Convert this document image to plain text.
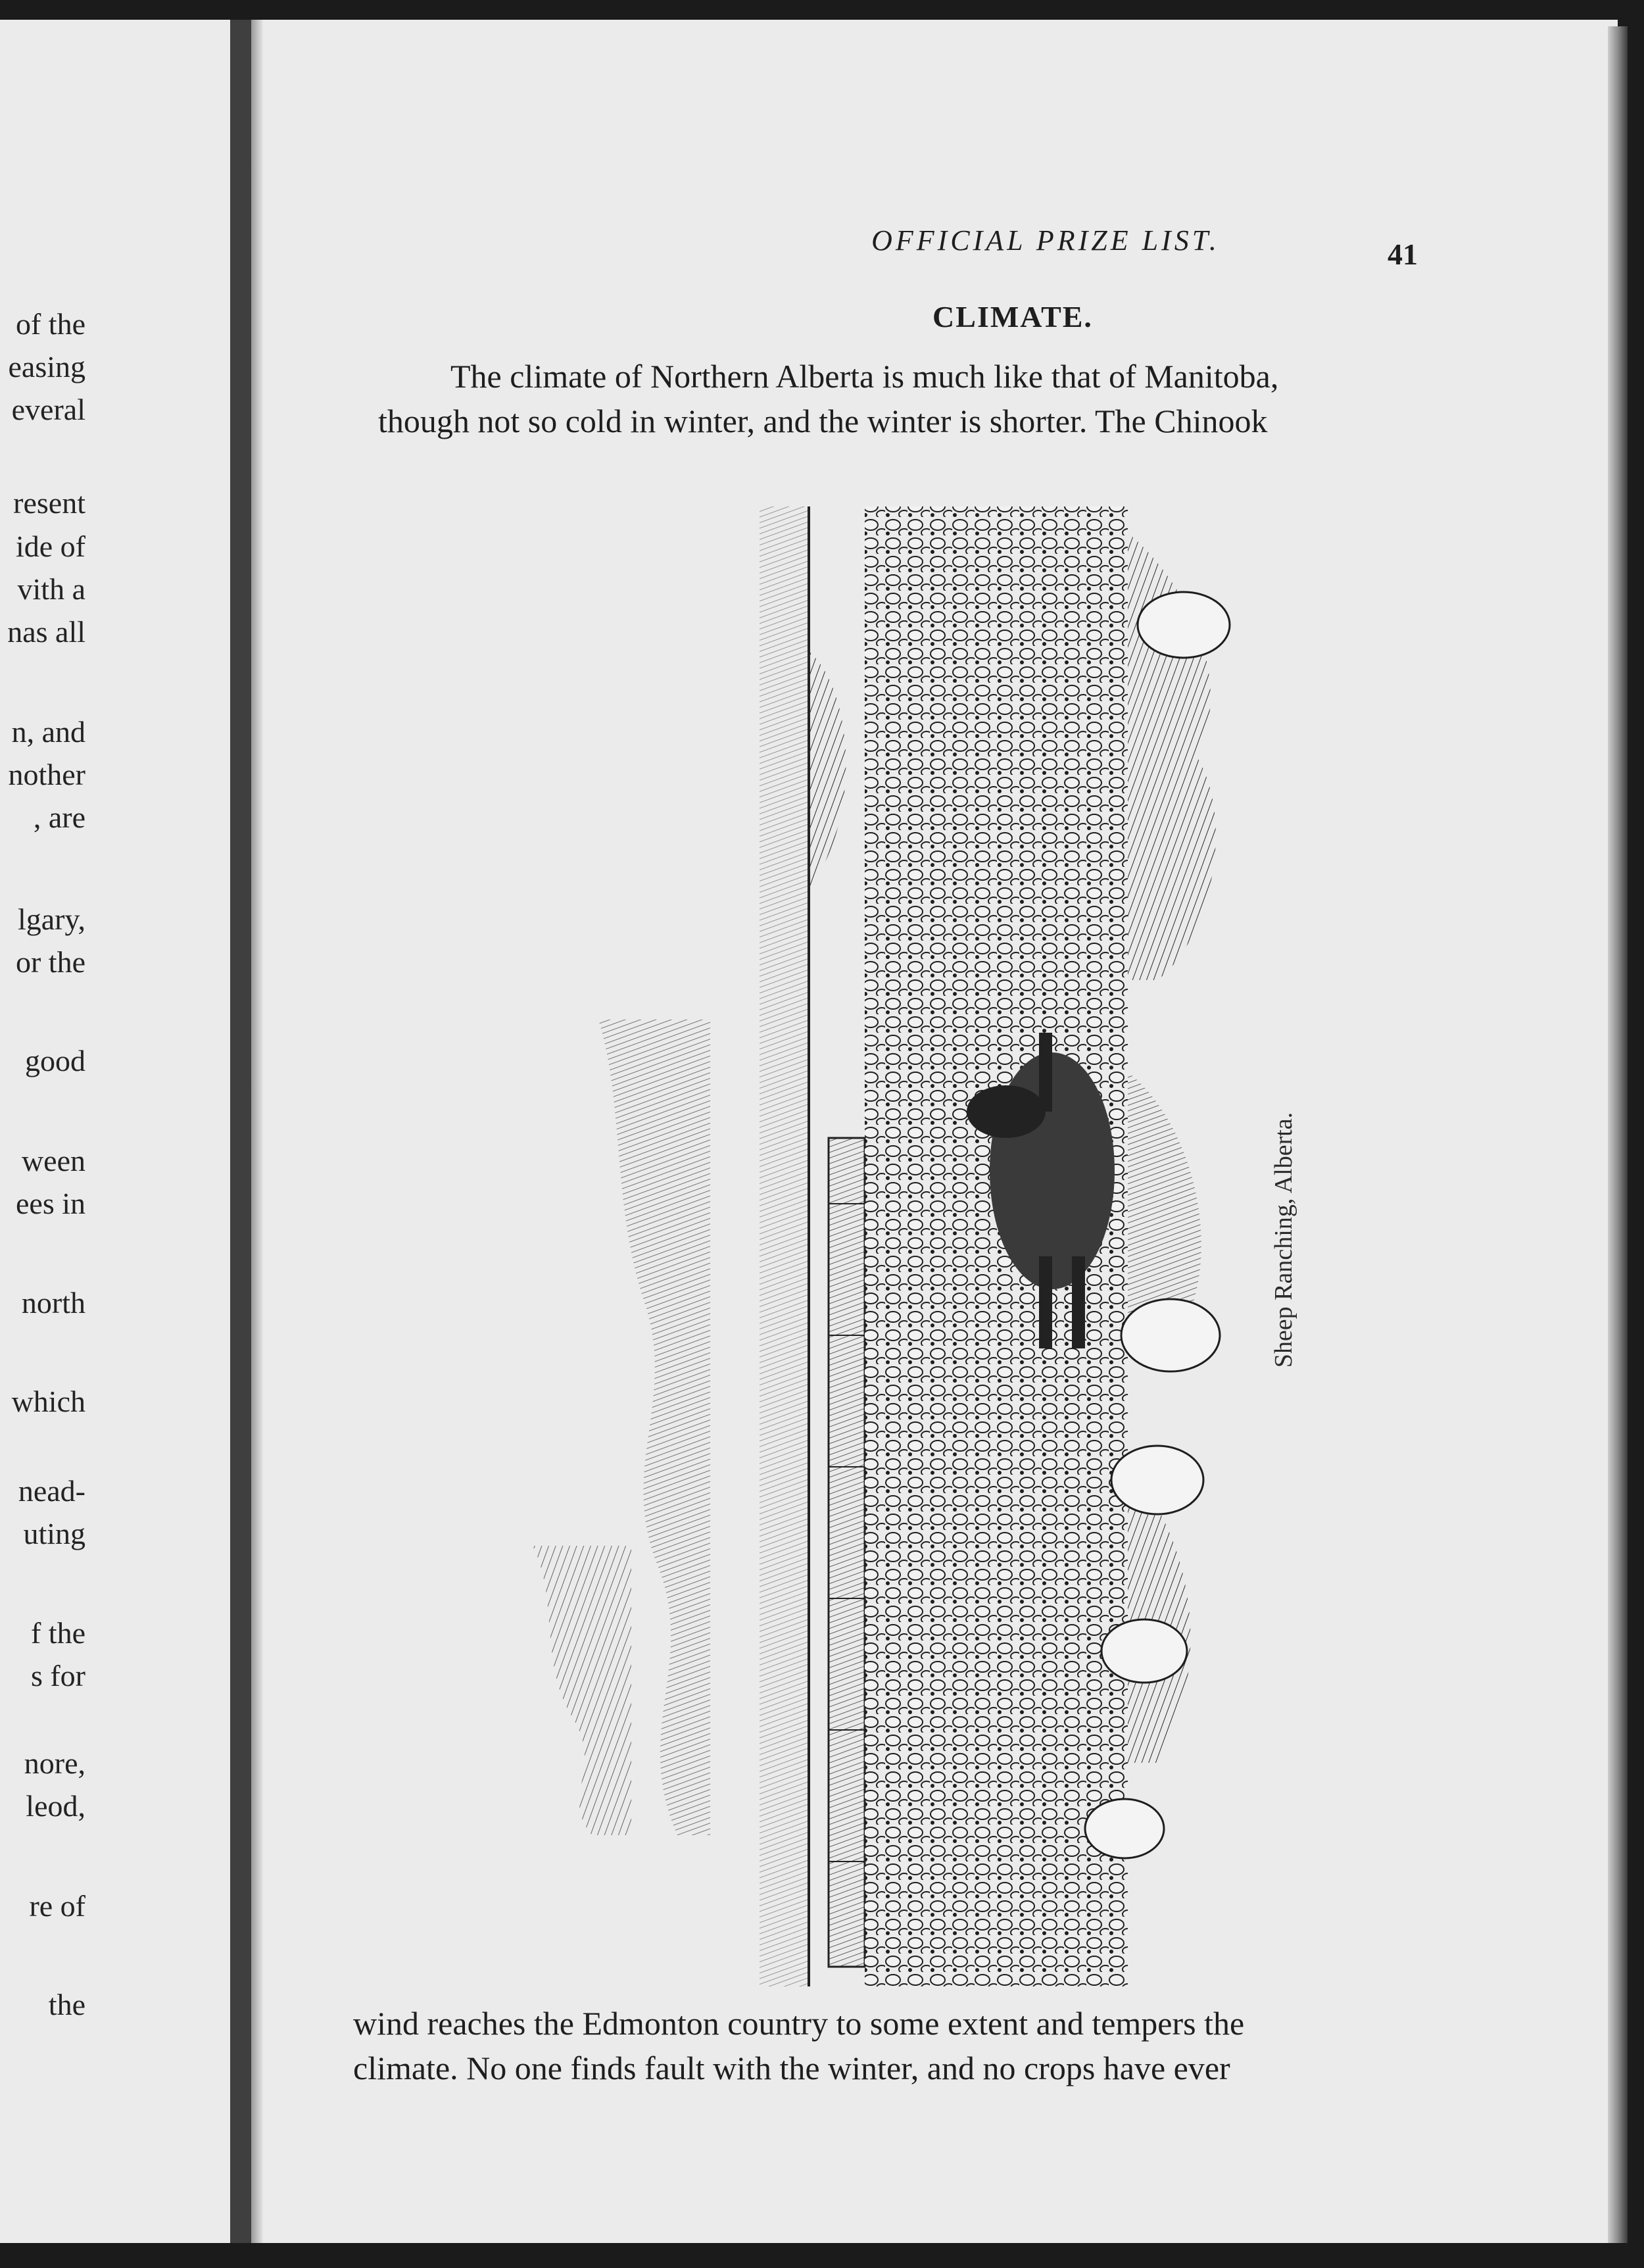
of the
easing
everal
resent
ide of
vith a
nas all
n, and
nother
, are
lgary,
or the
good
ween
ees in
north
which
nead-
uting
f the
s for
nore,
leod,
re of
the
OFFICIAL PRIZE LIST.	41
CLIMATE.
The climate of Northern Alberta is much like that of Manitoba,
though not so cold in winter, and the winter is shorter. The Chinook
Sheep Ranching, Alberta.
wind reaches the Edmonton country to some extent and tempers the
climate. No one finds fault with the winter, and no crops have ever
